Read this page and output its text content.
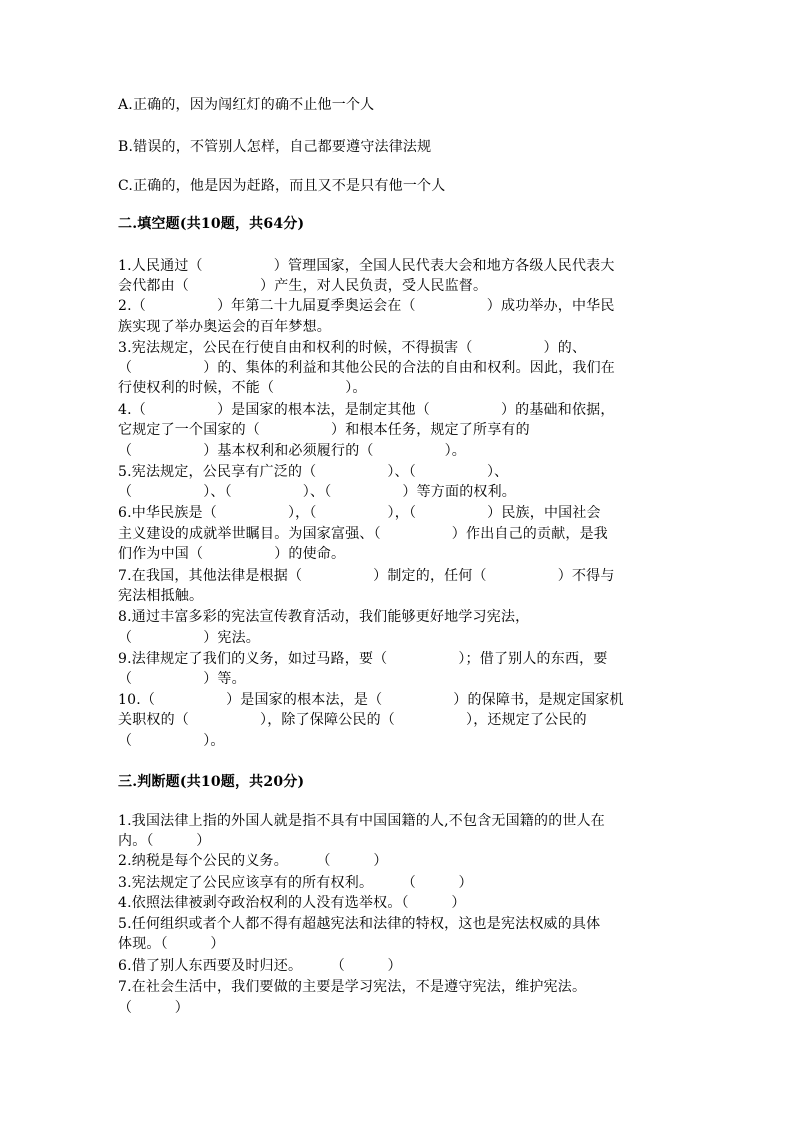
A.正确的，因为闯红灯的确不止他一个人
B.错误的，不管别人怎样，自己都要遵守法律法规
C.正确的，他是因为赶路，而且又不是只有他一个人
二.填空题(共10题，共64分)
1.人民通过（　　　　　）管理国家，全国人民代表大会和地方各级人民代表大
会代都由（　　　　　）产生，对人民负责，受人民监督。
2.（　　　　　）年第二十九届夏季奥运会在（　　　　　）成功举办，中华民
族实现了举办奥运会的百年梦想。
3.宪法规定，公民在行使自由和权利的时候，不得损害（　　　　　）的、
（　　　　　）的、集体的利益和其他公民的合法的自由和权利。因此，我们在
行使权利的时候，不能（　　　　　）。
4.（　　　　　）是国家的根本法，是制定其他（　　　　　）的基础和依据，
它规定了一个国家的（　　　　　）和根本任务，规定了所享有的
（　　　　　）基本权利和必须履行的（　　　　　）。
5.宪法规定，公民享有广泛的（　　　　　）、（　　　　　）、
（　　　　　）、（　　　　　）、（　　　　　）等方面的权利。
6.中华民族是（　　　　　），（　　　　　），（　　　　　）民族，中国社会
主义建设的成就举世瞩目。为国家富强、（　　　　　）作出自己的贡献，是我
们作为中国（　　　　　）的使命。
7.在我国，其他法律是根据（　　　　　）制定的，任何（　　　　　）不得与
宪法相抵触。
8.通过丰富多彩的宪法宣传教育活动，我们能够更好地学习宪法，
（　　　　　）宪法。
9.法律规定了我们的义务，如过马路，要（　　　　　）；借了别人的东西，要
（　　　　　）等。
10.（　　　　　）是国家的根本法，是（　　　　　）的保障书，是规定国家机
关职权的（　　　　　），除了保障公民的（　　　　　），还规定了公民的
（　　　　　）。
三.判断题(共10题，共20分)
1.我国法律上指的外国人就是指不具有中国国籍的人,不包含无国籍的的世人在
内。（　　　）
2.纳税是每个公民的义务。　　　（　　　）
3.宪法规定了公民应该享有的所有权利。　　　（　　　）
4.依照法律被剥夺政治权利的人没有选举权。（　　　）
5.任何组织或者个人都不得有超越宪法和法律的特权，这也是宪法权威的具体
体现。（　　　）
6.借了别人东西要及时归还。　　　（　　　）
7.在社会生活中，我们要做的主要是学习宪法，不是遵守宪法，维护宪法。
（　　　）
